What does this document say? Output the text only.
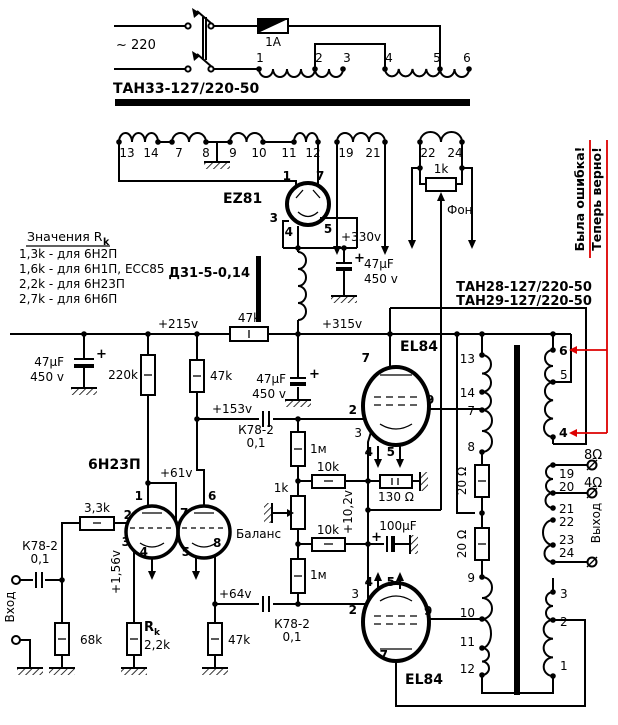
~ 220	1А
ТАН33-127/220-50
1	2 3	4	5 6
13 14 7 8 9 10 11 12 19 21	22 24
1k
Фон
EZ81
1 7
3
4	5
+330v
47µF
450 v
+
Д31-5-0,14
+315v
+215v	47k
47µF
450 v
+
47µF
450 v
+
Значения R k
1,3k - для 6Н2П
1,6k - для 6Н1П, ECC85
2,2k - для 6Н23П
2,7k - для 6Н6П
ТАН28-127/220-50
ТАН29-127/220-50
Была ошибка! Теперь верно!
6Н23П +61v
+153v
220k	47k
1
2
3
4	5
6
7
8
3,3k
К78-2
0,1
Вход
68k
+1,56v
R k
2,2k	47k
+64v
К78-2
0,1
К78-2
0,1
1м
10k
1k
Баланс	10k
1м
+10,2v 130 Ω
100µF
+
EL84
7
2
9
3
4 5
EL84
3
4 5
2	9
7
13
14
7
8
9
10
11
12
20 Ω
20 Ω
6
5
4
19
20
21
22
23
24
8Ω
4Ω
Выход
3
2
1
